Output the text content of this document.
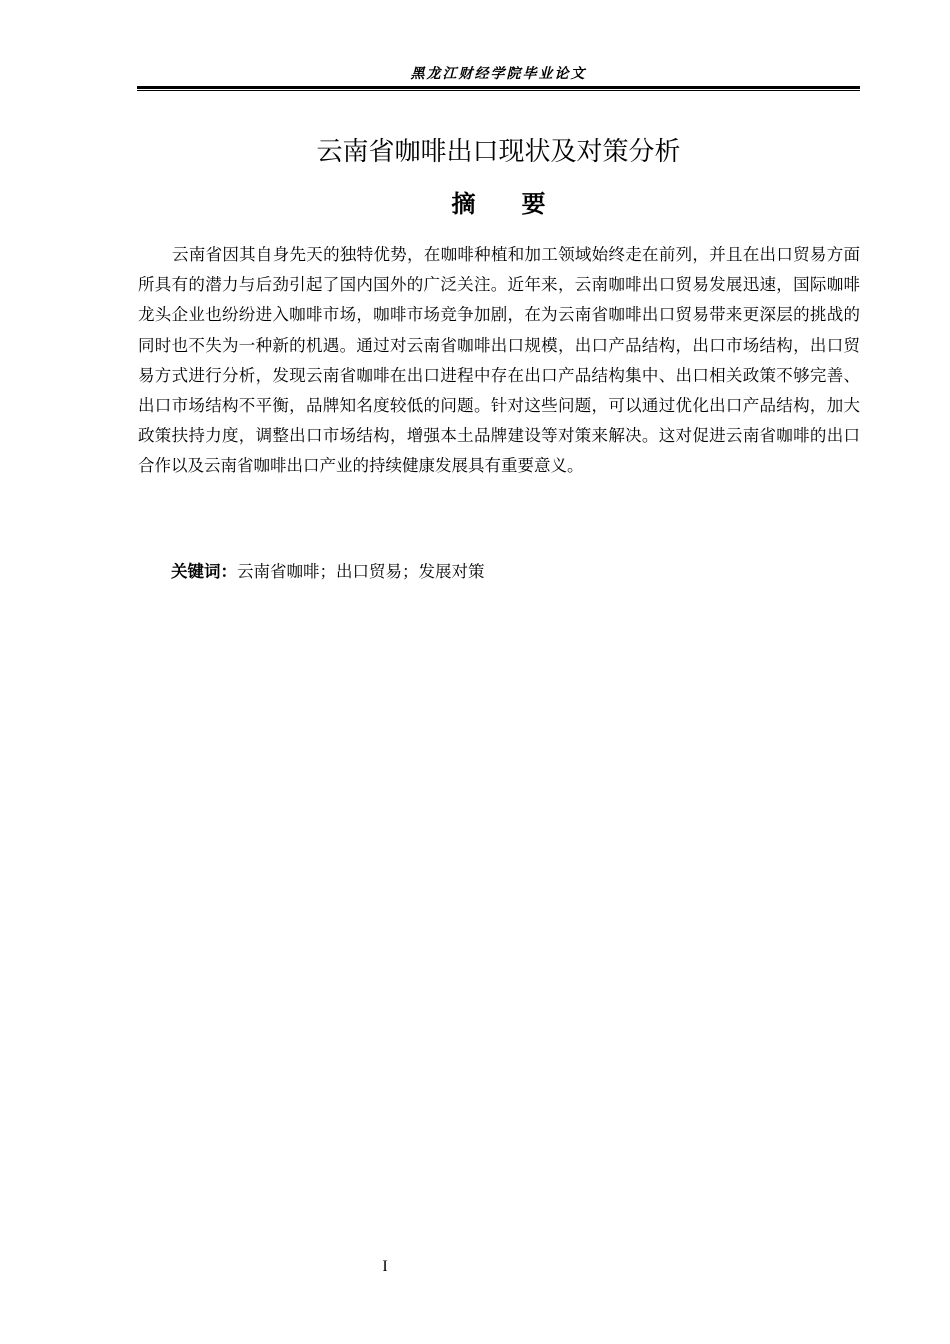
黑龙江财经学院毕业论文
云南省咖啡出口现状及对策分析
摘要

云南省因其自身先天的独特优势，在咖啡种植和加工领域始终走在前列，并且在出口贸易方面所具有的潜力与后劲引起了国内国外的广泛关注。近年来，云南咖啡出口贸易发展迅速，国际咖啡龙头企业也纷纷进入咖啡市场，咖啡市场竞争加剧，在为云南省咖啡出口贸易带来更深层的挑战的同时也不失为一种新的机遇。通过对云南省咖啡出口规模，出口产品结构，出口市场结构，出口贸易方式进行分析，发现云南省咖啡在出口进程中存在出口产品结构集中、出口相关政策不够完善、出口市场结构不平衡，品牌知名度较低的问题。针对这些问题，可以通过优化出口产品结构，加大政策扶持力度，调整出口市场结构，增强本土品牌建设等对策来解决。这对促进云南省咖啡的出口合作以及云南省咖啡出口产业的持续健康发展具有重要意义。

关键词：云南省咖啡；出口贸易；发展对策

I
